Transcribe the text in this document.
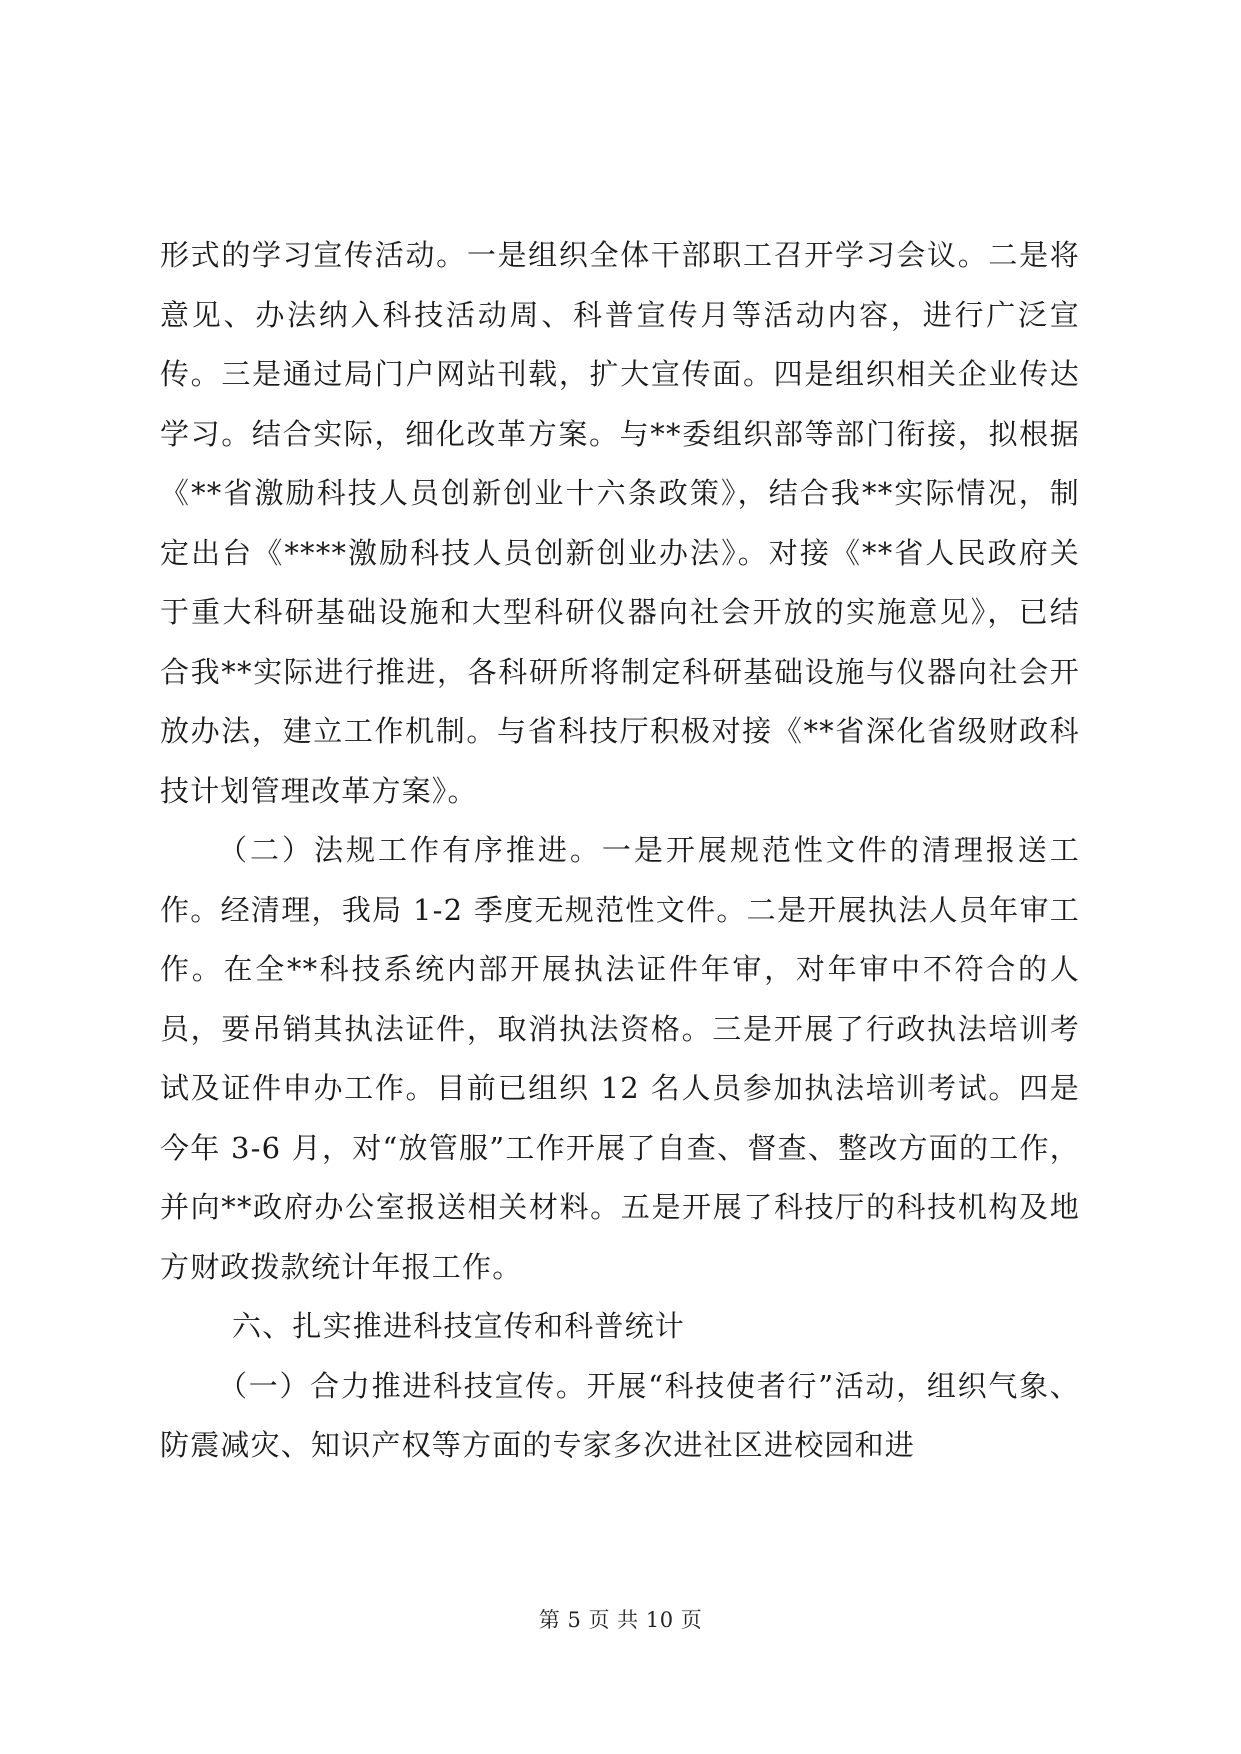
形式的学习宣传活动。一是组织全体干部职工召开学习会议。二是将意见、办法纳入科技活动周、科普宣传月等活动内容，进行广泛宣传。三是通过局门户网站刊载，扩大宣传面。四是组织相关企业传达学习。结合实际，细化改革方案。与**委组织部等部门衔接，拟根据《**省激励科技人员创新创业十六条政策》，结合我**实际情况，制定出台《****激励科技人员创新创业办法》。对接《**省人民政府关于重大科研基础设施和大型科研仪器向社会开放的实施意见》，已结合我**实际进行推进，各科研所将制定科研基础设施与仪器向社会开放办法，建立工作机制。与省科技厅积极对接《**省深化省级财政科技计划管理改革方案》。

（二）法规工作有序推进。一是开展规范性文件的清理报送工作。经清理，我局 1-2 季度无规范性文件。二是开展执法人员年审工作。在全**科技系统内部开展执法证件年审，对年审中不符合的人员，要吊销其执法证件，取消执法资格。三是开展了行政执法培训考试及证件申办工作。目前已组织 12 名人员参加执法培训考试。四是今年 3-6 月，对“放管服”工作开展了自查、督查、整改方面的工作，并向**政府办公室报送相关材料。五是开展了科技厅的科技机构及地方财政拨款统计年报工作。

六、扎实推进科技宣传和科普统计

（一）合力推进科技宣传。开展“科技使者行”活动，组织气象、防震减灾、知识产权等方面的专家多次进社区进校园和进

第 5 页 共 10 页
